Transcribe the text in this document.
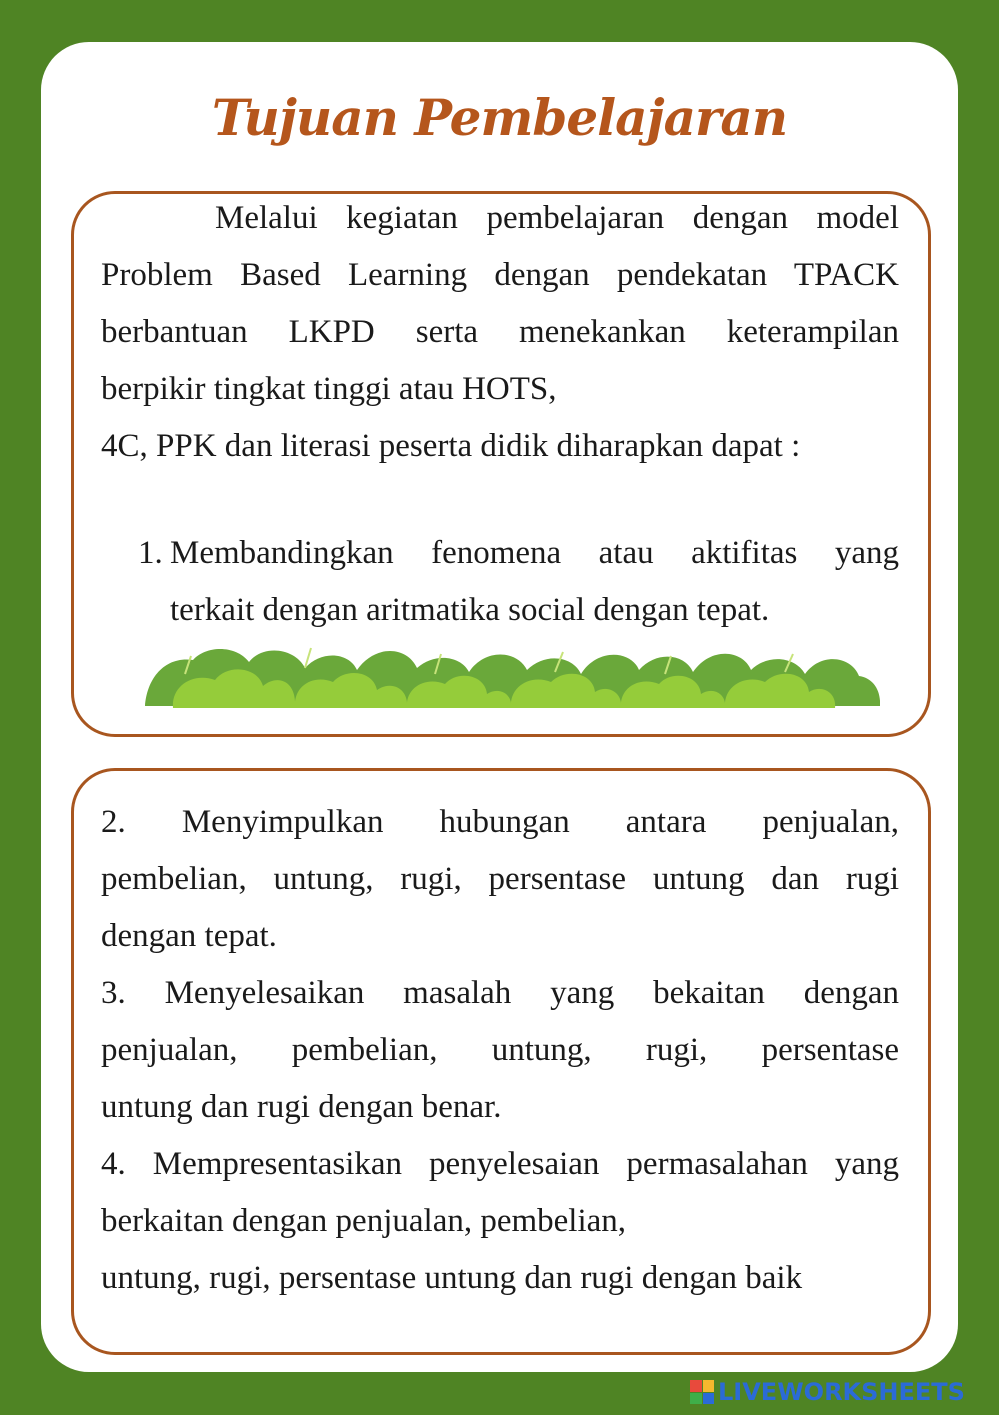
Tujuan Pembelajaran
Melalui kegiatan pembelajaran dengan model
Problem Based Learning dengan pendekatan TPACK
berbantuan LKPD serta menekankan keterampilan
berpikir tingkat tinggi atau HOTS,
4C, PPK dan literasi peserta didik diharapkan dapat :
1. Membandingkan fenomena atau aktifitas yang
terkait dengan aritmatika social dengan tepat.
2. Menyimpulkan hubungan antara penjualan,
pembelian, untung, rugi, persentase untung dan rugi
dengan tepat.
3. Menyelesaikan masalah yang bekaitan dengan
penjualan, pembelian, untung, rugi, persentase
untung dan rugi dengan benar.
4. Mempresentasikan penyelesaian permasalahan yang
berkaitan dengan penjualan, pembelian,
untung, rugi, persentase untung dan rugi dengan baik
LIVEWORKSHEETS
